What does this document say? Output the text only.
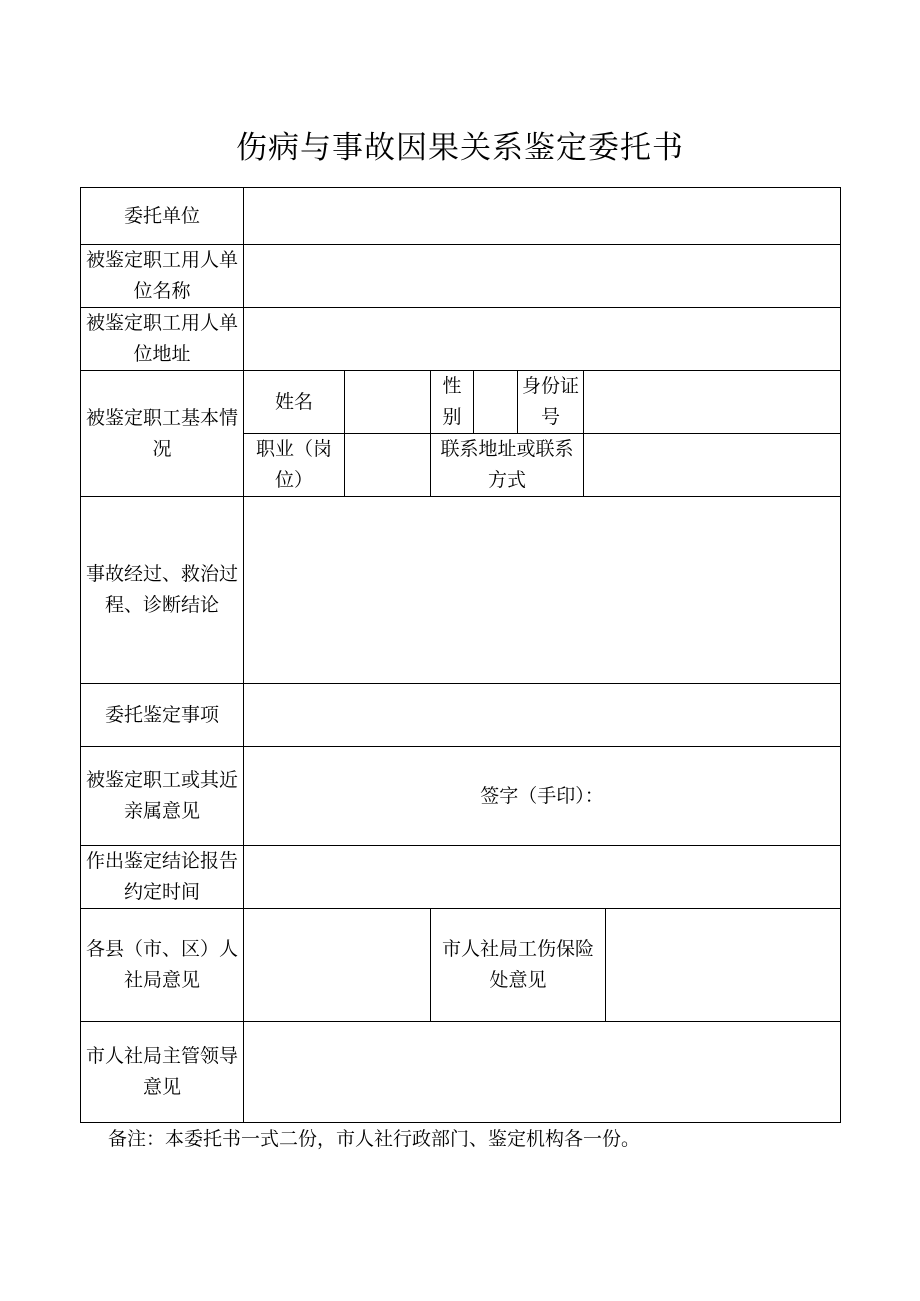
伤病与事故因果关系鉴定委托书
委托单位							
被鉴定职工用人单位名称							
被鉴定职工用人单位地址							
被鉴定职工基本情况	姓名		性别		身份证号		
	职业（岗位）		联系地址或联系方式				
事故经过、救治过程、诊断结论							
委托鉴定事项							
被鉴定职工或其近亲属意见	签字（手印）：						
作出鉴定结论报告约定时间							
各县（市、区）人社局意见			市人社局工伤保险处意见				
市人社局主管领导意见							
备注：本委托书一式二份，市人社行政部门、鉴定机构各一份。
